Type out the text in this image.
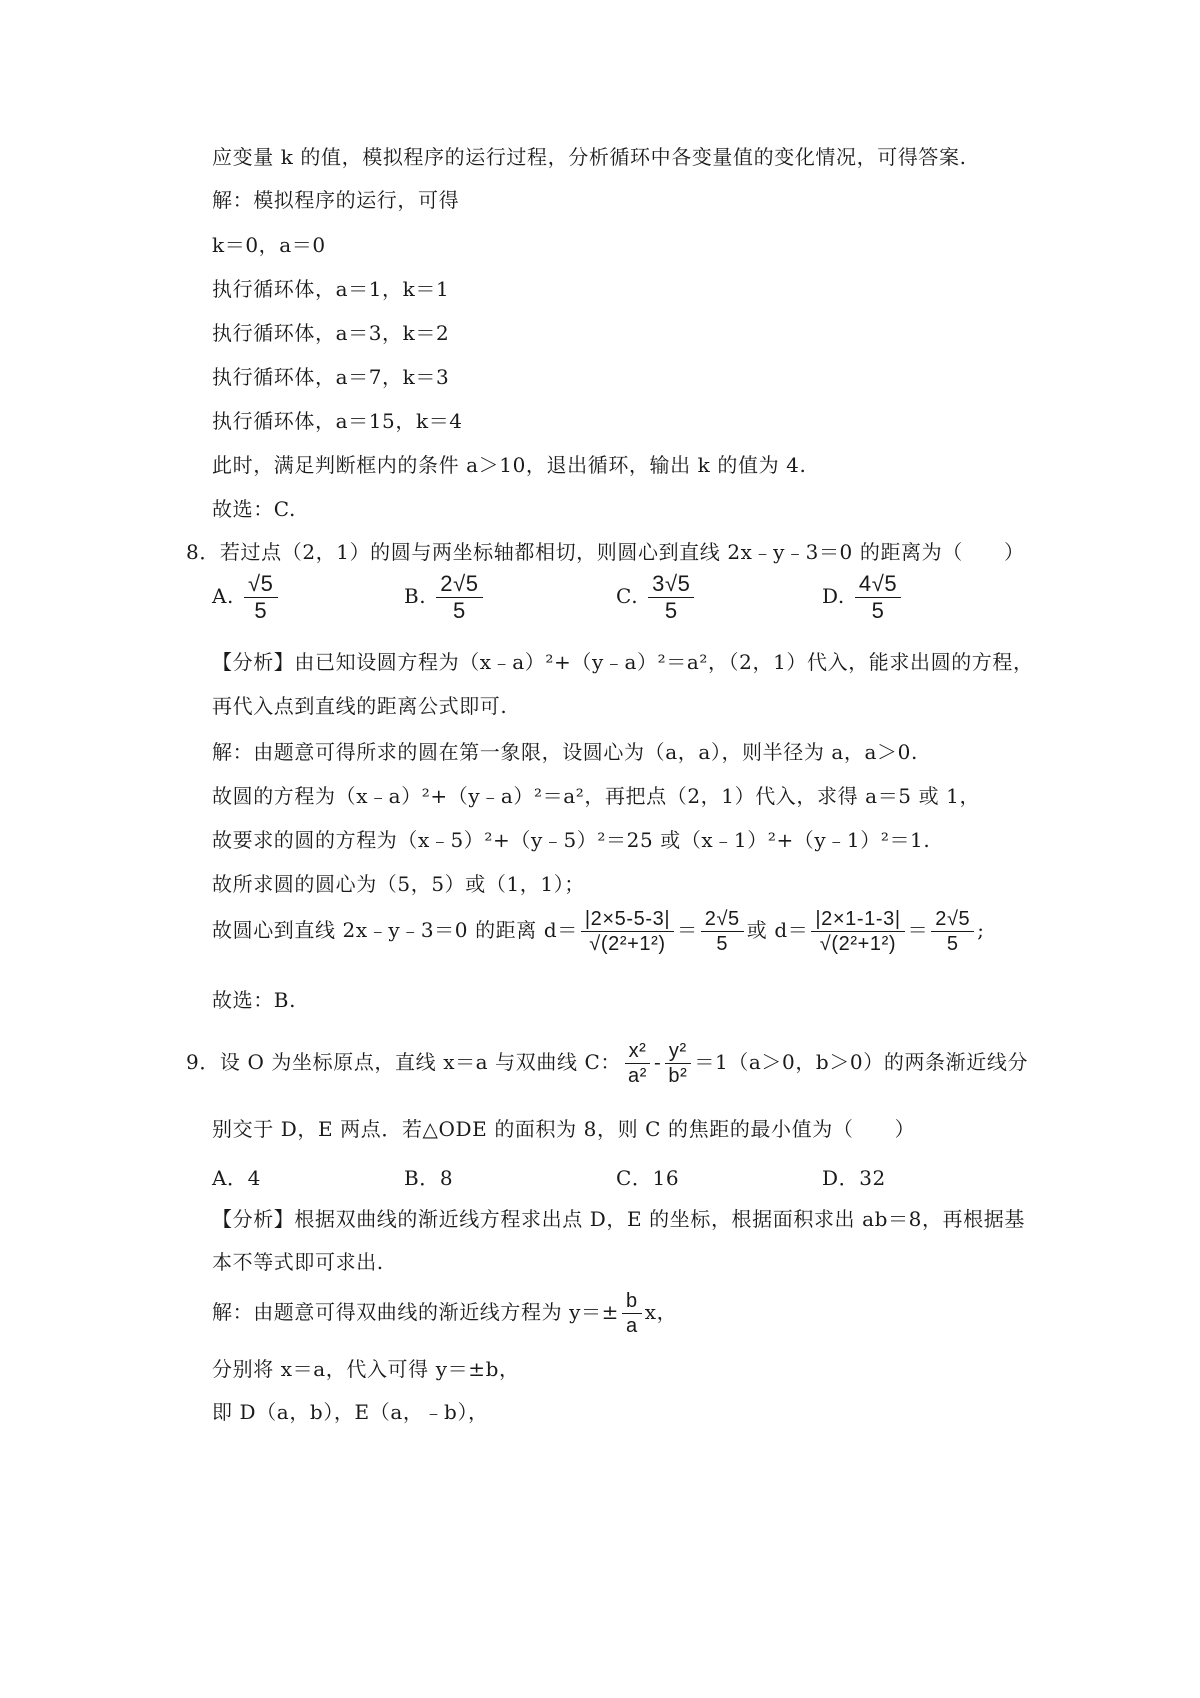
应变量 k 的值，模拟程序的运行过程，分析循环中各变量值的变化情况，可得答案.
解：模拟程序的运行，可得
k＝0，a＝0
执行循环体，a＝1，k＝1
执行循环体，a＝3，k＝2
执行循环体，a＝7，k＝3
执行循环体，a＝15，k＝4
此时，满足判断框内的条件 a＞10，退出循环，输出 k 的值为 4.
故选：C.
8．若过点（2，1）的圆与两坐标轴都相切，则圆心到直线 2x﹣y﹣3＝0 的距离为（　　）
A. $\frac{√5}{5}$	B. $\frac{2√5}{5}$	C. $\frac{3√5}{5}$	D. $\frac{4√5}{5}$
【分析】由已知设圆方程为（x﹣a）²+（y﹣a）²＝a²，（2，1）代入，能求出圆的方程，
再代入点到直线的距离公式即可.
解：由题意可得所求的圆在第一象限，设圆心为（a，a），则半径为 a，a＞0.
故圆的方程为（x﹣a）²+（y﹣a）²＝a²，再把点（2，1）代入，求得 a＝5 或 1，
故要求的圆的方程为（x﹣5）²+（y﹣5）²＝25 或（x﹣1）²+（y﹣1）²＝1.
故所求圆的圆心为（5，5）或（1，1）；
故圆心到直线 2x﹣y﹣3＝0 的距离 $d= \frac{|2\times 5-5-3|}{\text{√(2²+1²)}} = \frac{2√5}{5}$ 或 $d= \frac{|2\times 1-1-3|}{\text{√(2²+1²)}} = \frac{2√5}{5}$ ;
故选：B.
9．设 O 为坐标原点，直线 x＝a 与双曲线 C： $\frac{\text{x²}}{\text{a²}} - \frac{\text{y²}}{\text{b²}} =1(a>0$，b＞0）的两条渐近线分
别交于 D，E 两点．若△ODE 的面积为 8，则 C 的焦距的最小值为（　　）
A．4	B．8	C．16	D．32
【分析】根据双曲线的渐近线方程求出点 D，E 的坐标，根据面积求出 ab＝8，再根据基
本不等式即可求出.
解：由题意可得双曲线的渐近线方程为 $y=\pm \frac{b}{a}$ x，
分别将 x＝a，代入可得 y＝±b，
即 D（a，b），E（a，﹣b），
